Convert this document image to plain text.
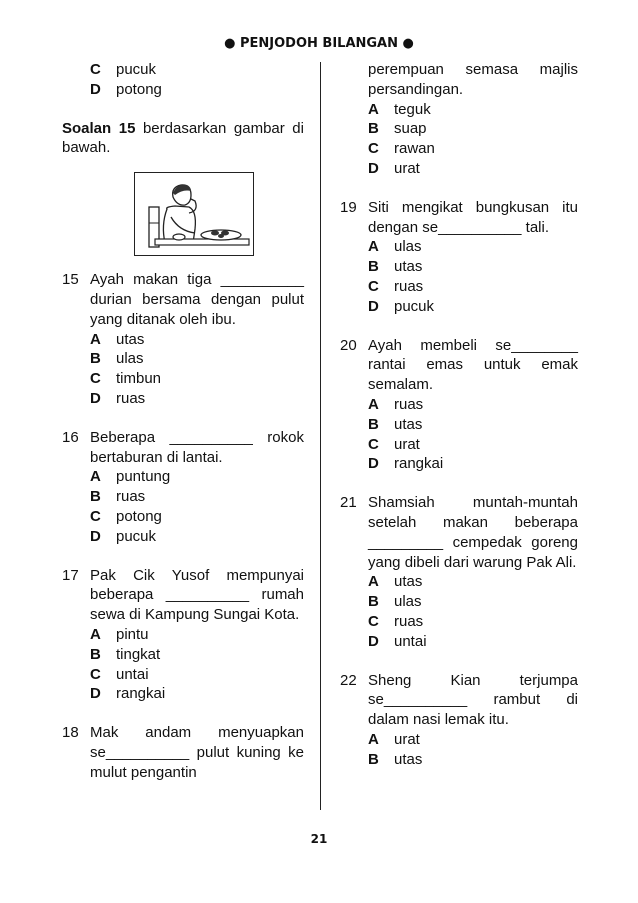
● PENJODOH BILANGAN ●
C	pucuk
D	potong
Soalan 15 berdasarkan gambar di bawah.
15 Ayah makan tiga __________ durian bersama dengan pulut yang ditanak oleh ibu.
A	utas
B	ulas
C	timbun
D	ruas
16 Beberapa __________ rokok bertaburan di lantai.
A	puntung
B	ruas
C	potong
D	pucuk
17 Pak Cik Yusof mempunyai beberapa __________ rumah sewa di Kampung Sungai Kota.
A	pintu
B	tingkat
C	untai
D	rangkai
18 Mak andam menyuapkan se__________ pulut kuning ke mulut pengantin
perempuan semasa majlis persandingan.
A	teguk
B	suap
C	rawan
D	urat
19 Siti mengikat bungkusan itu dengan se__________ tali.
A	ulas
B	utas
C	ruas
D	pucuk
20 Ayah membeli se________ rantai emas untuk emak semalam.
A	ruas
B	utas
C	urat
D	rangkai
21 Shamsiah muntah-muntah setelah makan beberapa _________ cempedak goreng yang dibeli dari warung Pak Ali.
A	utas
B	ulas
C	ruas
D	untai
22 Sheng Kian terjumpa se__________ rambut di dalam nasi lemak itu.
A	urat
B	utas
21
